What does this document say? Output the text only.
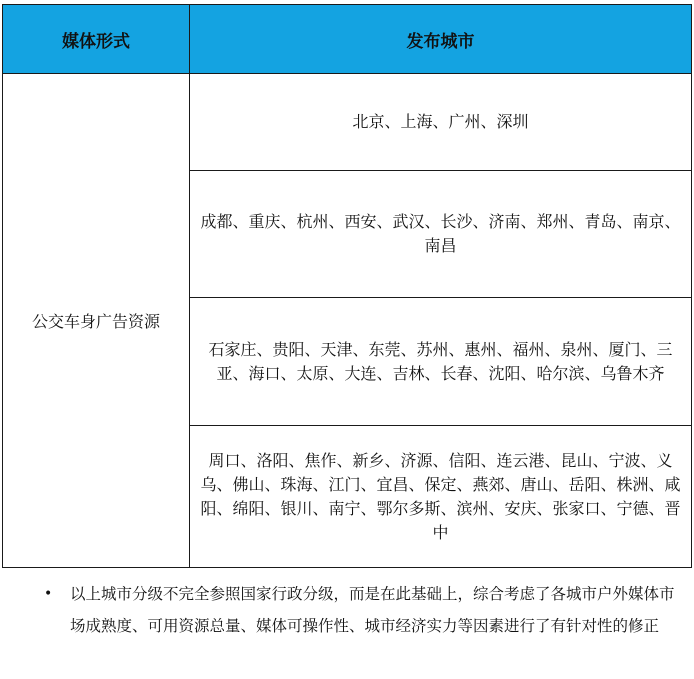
媒体形式	发布城市
公交车身广告资源	北京、上海、广州、深圳
	成都、重庆、杭州、西安、武汉、长沙、济南、郑州、青岛、南京、南昌
	石家庄、贵阳、天津、东莞、苏州、惠州、福州、泉州、厦门、三亚、海口、太原、大连、吉林、长春、沈阳、哈尔滨、乌鲁木齐
	周口、洛阳、焦作、新乡、济源、信阳、连云港、昆山、宁波、义乌、佛山、珠海、江门、宜昌、保定、燕郊、唐山、岳阳、株洲、咸阳、绵阳、银川、南宁、鄂尔多斯、滨州、安庆、张家口、宁德、晋中
• 以上城市分级不完全参照国家行政分级，而是在此基础上，综合考虑了各城市户外媒体市场成熟度、可用资源总量、媒体可操作性、城市经济实力等因素进行了有针对性的修正
